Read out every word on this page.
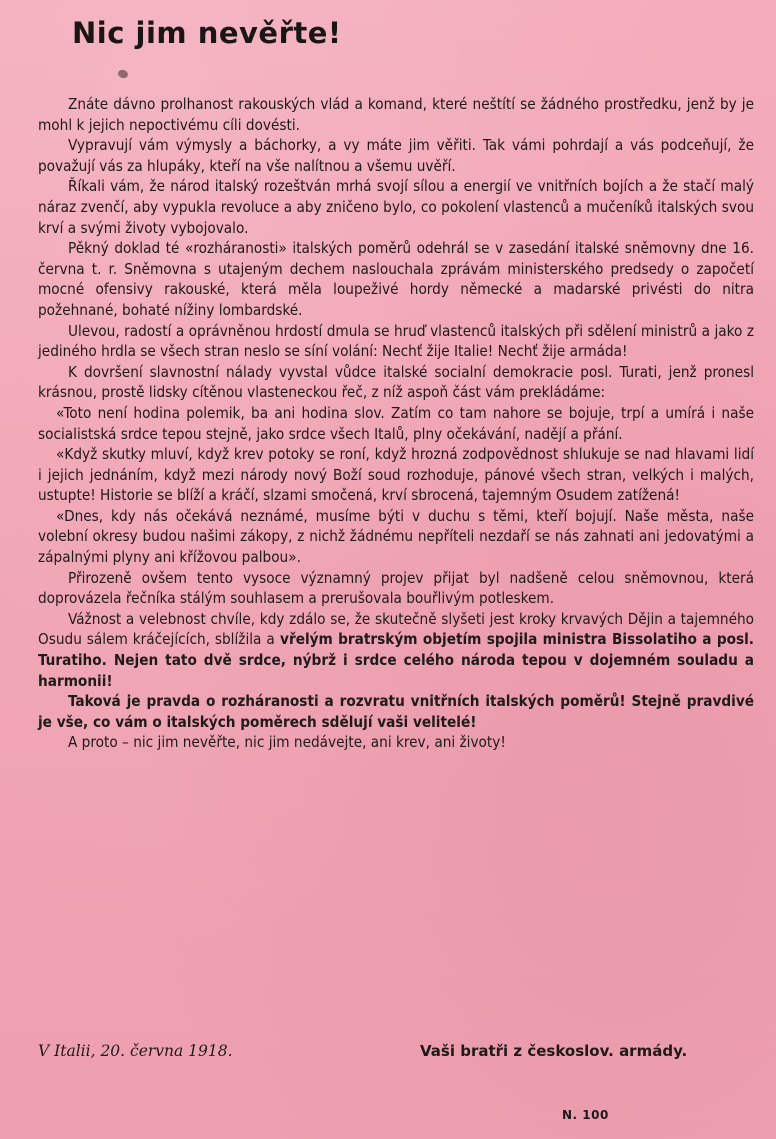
Nic jim nevěřte!

Znáte dávno prolhanost rakouských vlád a komand, které neštítí se žádného prostředku, jenž by je mohl k jejich nepoctivému cíli dovésti.

Vypravují vám výmysly a báchorky, a vy máte jim věřiti. Tak vámi pohrdají a vás podceňují, že považují vás za hlupáky, kteří na vše nalítnou a všemu uvěří.

Říkali vám, že národ italský rozeštván mrhá svojí sílou a energií ve vnitřních bojích a že stačí malý náraz zvenčí, aby vypukla revoluce a aby zničeno bylo, co pokolení vlastenců a mučeníků italských svou krví a svými životy vybojovalo.

Pěkný doklad té «rozháranosti» italských poměrů odehrál se v zasedání italské sněmovny dne 16. června t. r. Sněmovna s utajeným dechem naslouchala zprávám ministerského predsedy o započetí mocné ofensivy rakouské, která měla loupeživé hordy německé a madarské privésti do nitra požehnané, bohaté nížiny lombardské.

Ulevou, radostí a oprávněnou hrdostí dmula se hruď vlastenců italských při sdělení ministrů a jako z jediného hrdla se všech stran neslo se síní volání: Nechť žije Italie! Nechť žije armáda!

K dovršení slavnostní nálady vyvstal vůdce italské socialní demokracie posl. Turati, jenž pronesl krásnou, prostě lidsky cítěnou vlasteneckou řeč, z níž aspoň část vám prekládáme:

«Toto není hodina polemik, ba ani hodina slov. Zatím co tam nahore se bojuje, trpí a umírá i naše socialistská srdce tepou stejně, jako srdce všech Italů, plny očekávání, nadějí a přání.

«Když skutky mluví, když krev potoky se roní, když hrozná zodpovědnost shlukuje se nad hlavami lidí i jejich jednáním, když mezi národy nový Boží soud rozhoduje, pánové všech stran, velkých i malých, ustupte! Historie se blíží a kráčí, slzami smočená, krví sbrocená, tajemným Osudem zatížená!

«Dnes, kdy nás očekává neznámé, musíme býti v duchu s těmi, kteří bojují. Naše města, naše volební okresy budou našimi zákopy, z nichž žádnému nepříteli nezdaří se nás zahnati ani jedovatými a zápalnými plyny ani křížovou palbou».

Přirozeně ovšem tento vysoce významný projev přijat byl nadšeně celou sněmovnou, která doprovázela řečníka stálým souhlasem a prerušovala bouřlivým potleskem.

Vážnost a velebnost chvíle, kdy zdálo se, že skutečně slyšeti jest kroky krvavých Dějin a tajemného Osudu sálem kráčejících, sblížila a vřelým bratrským objetím spojila ministra Bissolatiho a posl. Turatiho. Nejen tato dvě srdce, nýbrž i srdce celého národa tepou v dojemném souladu a harmonii!

Taková je pravda o rozháranosti a rozvratu vnitřních italských poměrů! Stejně pravdivé je vše, co vám o italských poměrech sdělují vaši velitelé!

A proto – nic jim nevěřte, nic jim nedávejte, ani krev, ani životy!

V Italii, 20. června 1918.	Vaši bratři z českoslov. armády.
N. 100
